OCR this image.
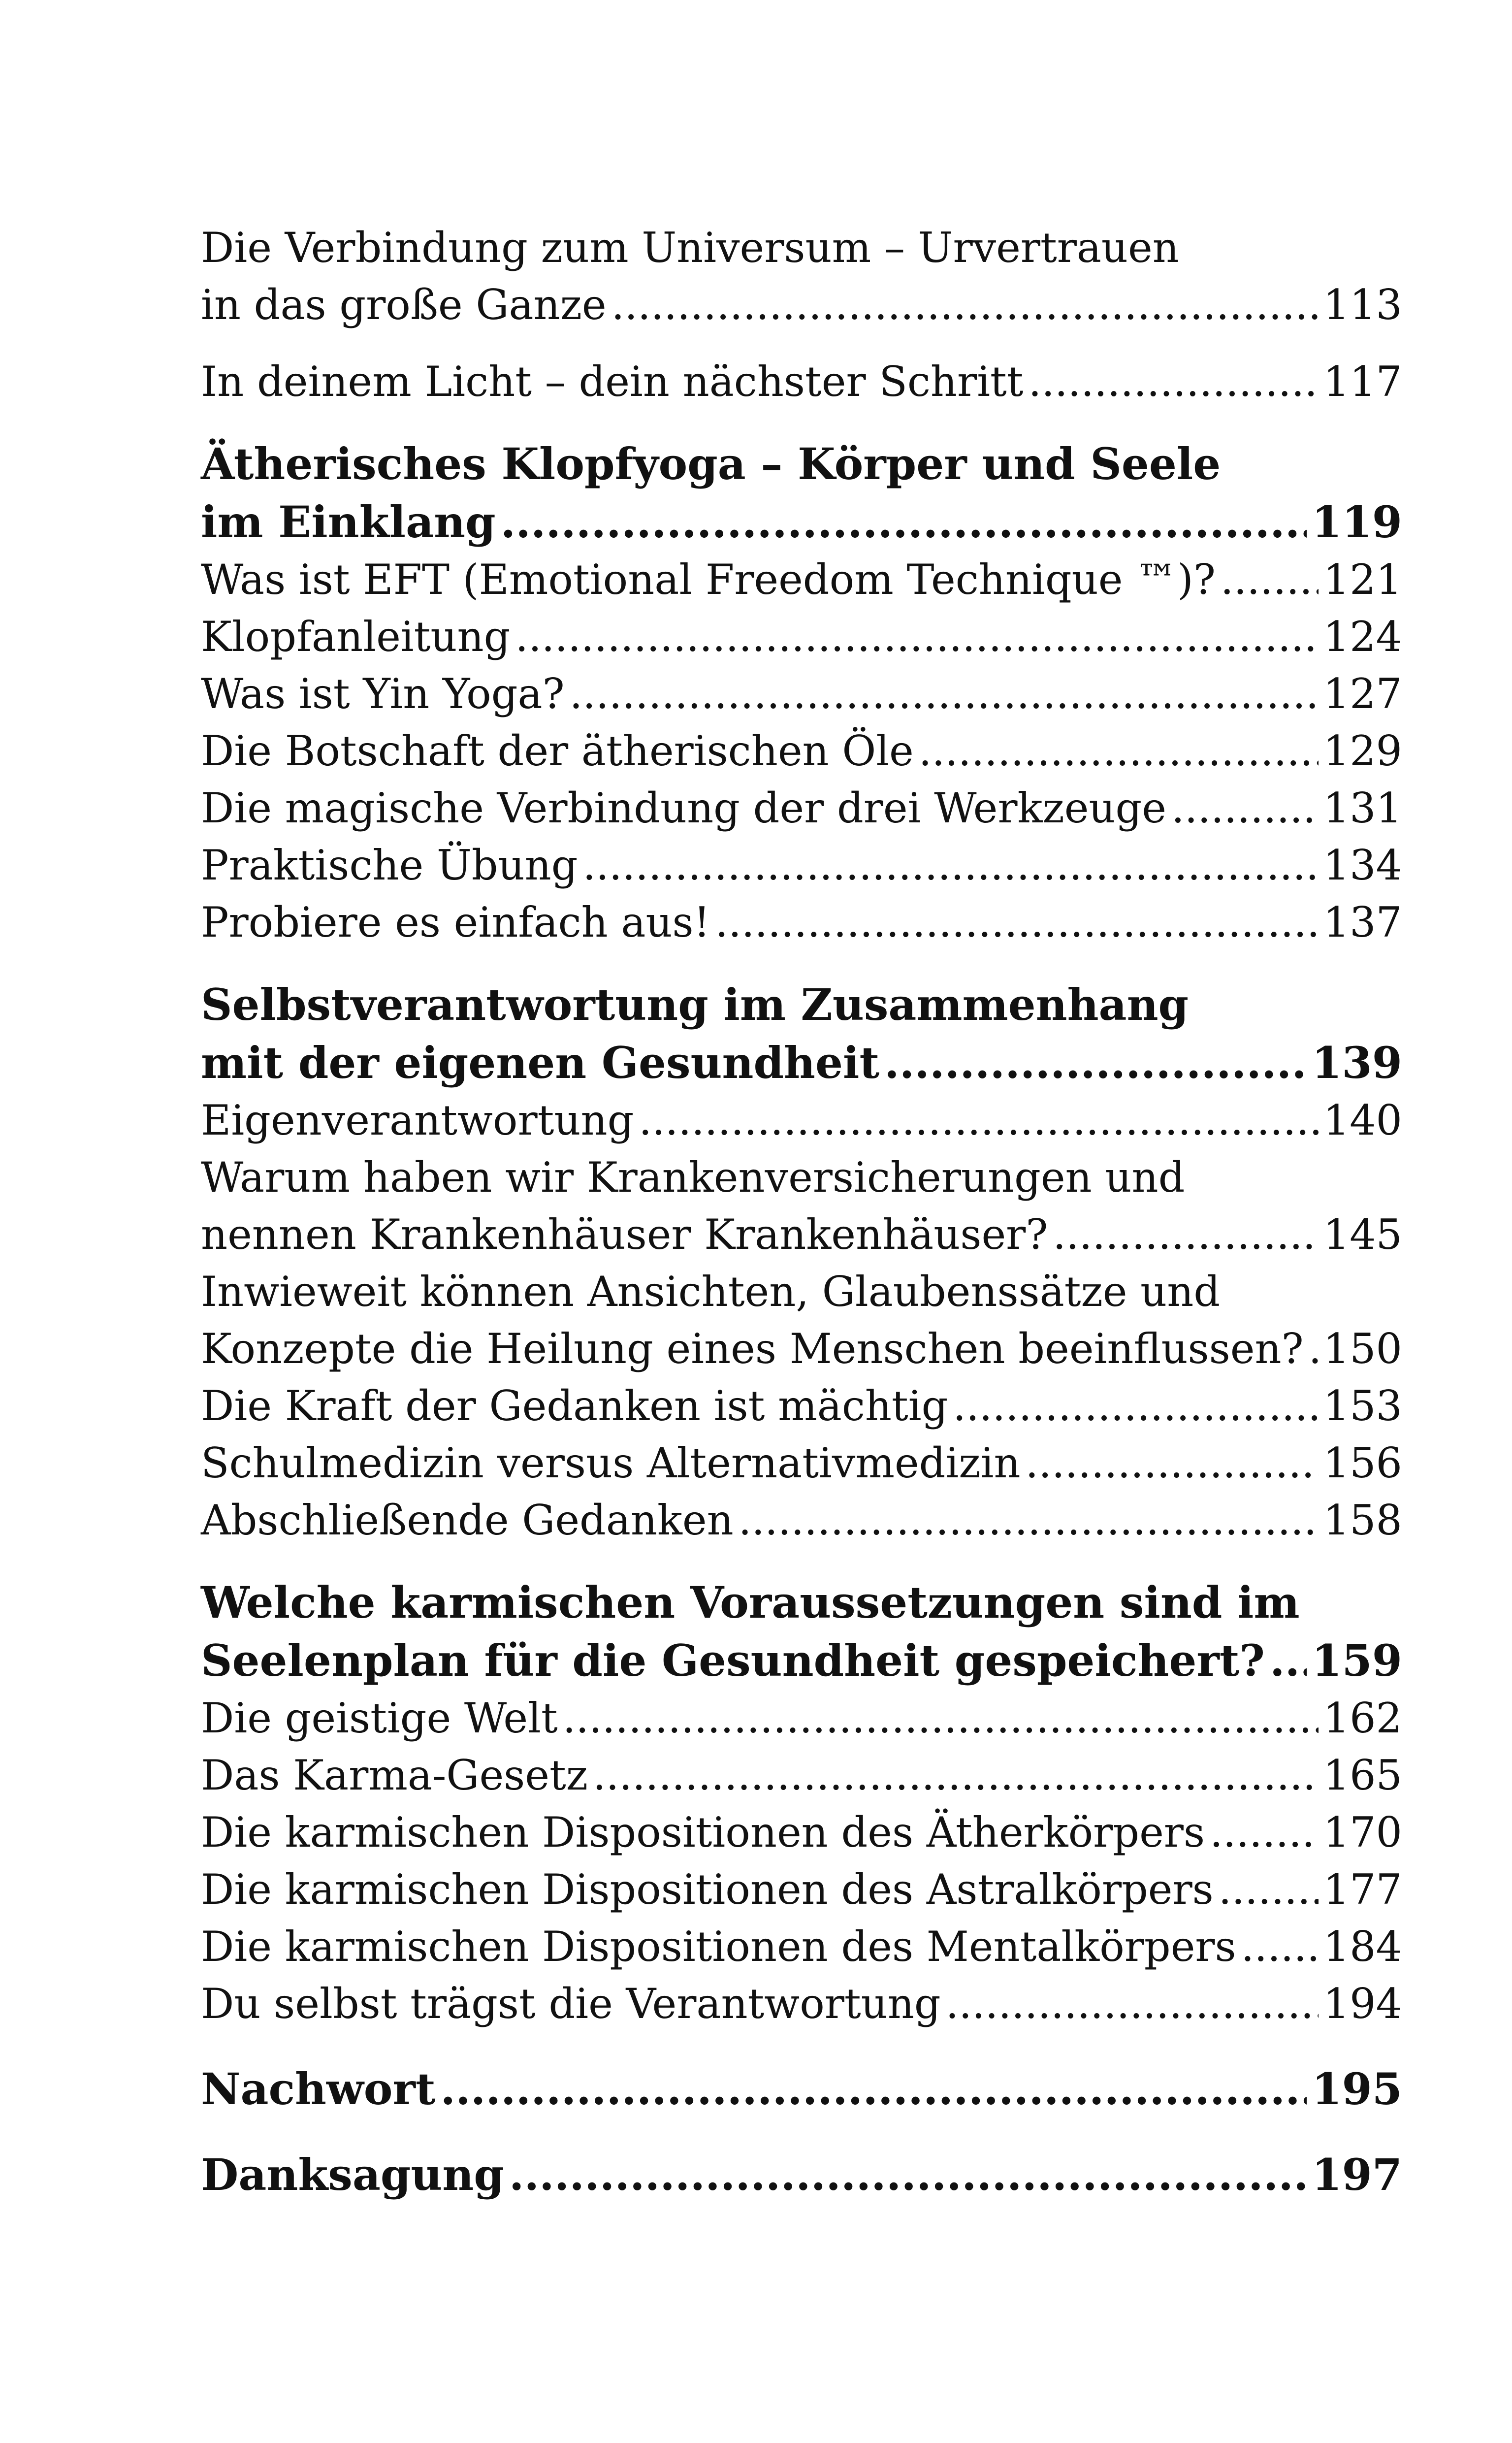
Die Verbindung zum Universum – Urvertrauen
in das große Ganze .....	113
In deinem Licht – dein nächster Schritt .....	117
Ätherisches Klopfyoga – Körper und Seele
im Einklang .....	119
Was ist EFT (Emotional Freedom Technique ™)? .....	121
Klopfanleitung .....	124
Was ist Yin Yoga? .....	127
Die Botschaft der ätherischen Öle .....	129
Die magische Verbindung der drei Werkzeuge .....	131
Praktische Übung .....	134
Probiere es einfach aus! .....	137
Selbstverantwortung im Zusammenhang
mit der eigenen Gesundheit .....	139
Eigenverantwortung .....	140
Warum haben wir Krankenversicherungen und
nennen Krankenhäuser Krankenhäuser? .....	145
Inwieweit können Ansichten, Glaubenssätze und
Konzepte die Heilung eines Menschen beeinflussen? ..... 150
Die Kraft der Gedanken ist mächtig .....	153
Schulmedizin versus Alternativmedizin .....	156
Abschließende Gedanken .....	158
Welche karmischen Voraussetzungen sind im
Seelenplan für die Gesundheit gespeichert? ..... 159
Die geistige Welt .....	162
Das Karma-Gesetz .....	165
Die karmischen Dispositionen des Ätherkörpers .....	170
Die karmischen Dispositionen des Astralkörpers .....	177
Die karmischen Dispositionen des Mentalkörpers ..... 184
Du selbst trägst die Verantwortung .....	194
Nachwort .....	195
Danksagung .....	197
